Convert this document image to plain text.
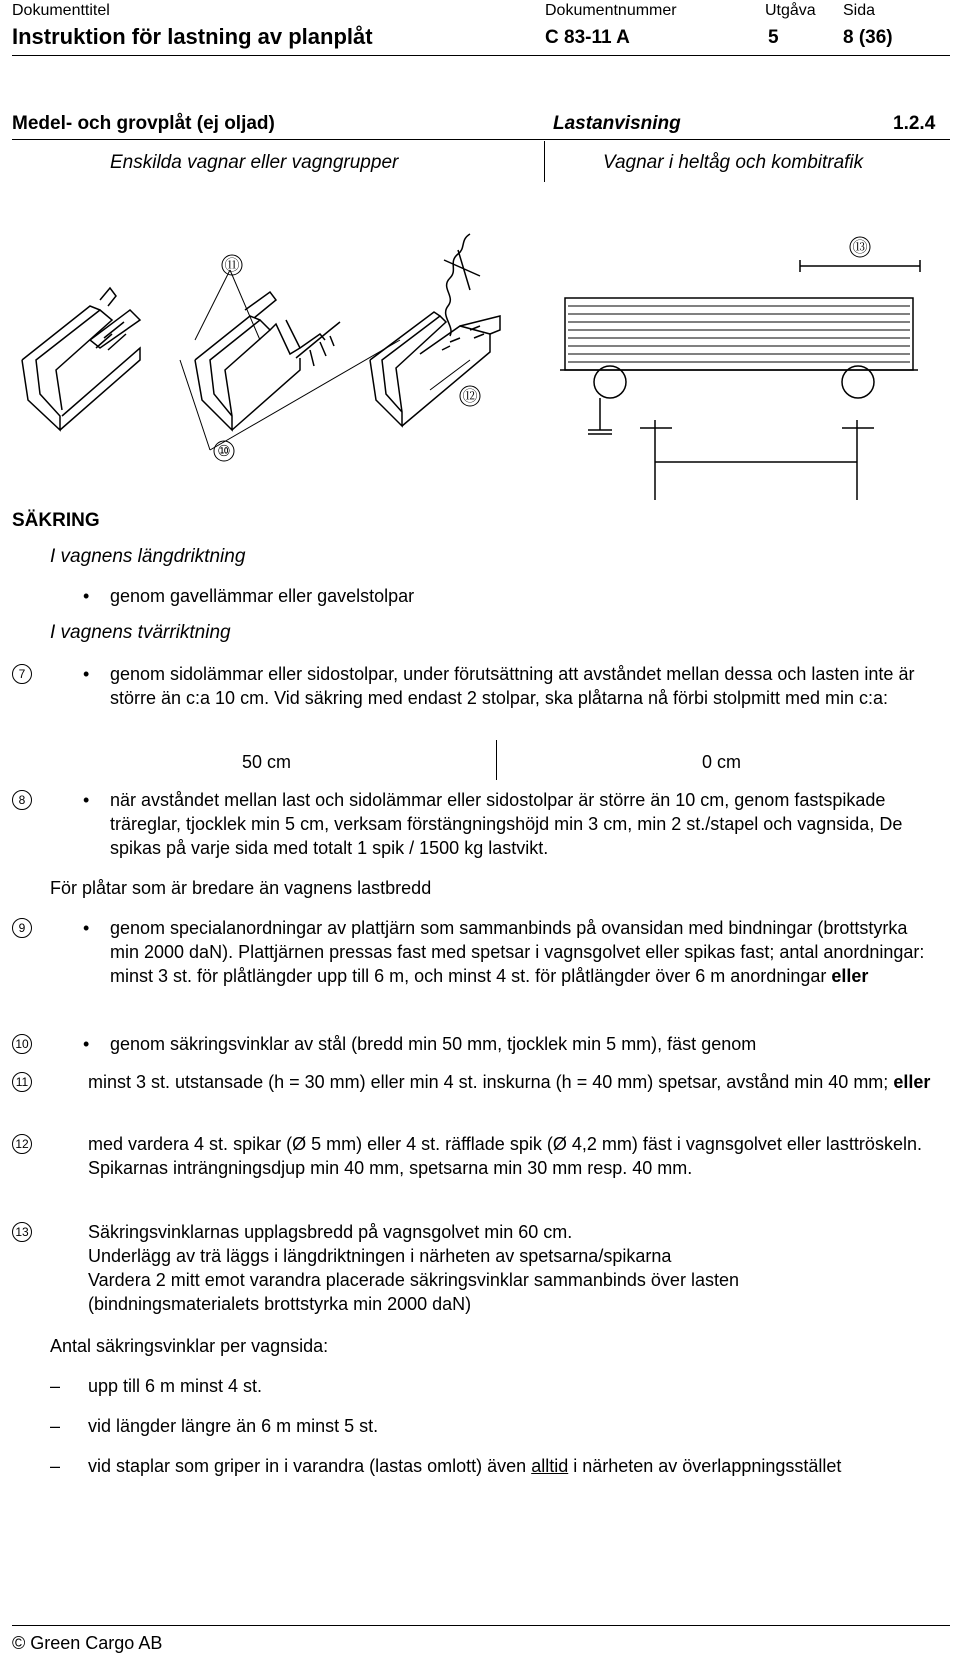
Dokumenttitel	Dokumentnummer	Utgåva Sida
Instruktion för lastning av planplåt	C 83-11 A	5	8 (36)
Medel- och grovplåt (ej oljad)	Lastanvisning	1.2.4
Enskilda vagnar eller vagngrupper	Vagnar i heltåg och kombitrafik
⑪
⑫
⑬
⑩
SÄKRING
I vagnens längdriktning
• genom gavellämmar eller gavelstolpar
I vagnens tvärriktning
7	• genom sidolämmar eller sidostolpar, under förutsättning att avståndet mellan dessa och lasten inte är större än c:a 10 cm. Vid säkring med endast 2 stolpar, ska plåtarna nå förbi stolpmitt med min c:a:
50 cm	0 cm
8	• när avståndet mellan last och sidolämmar eller sidostolpar är större än 10 cm, genom fastspikade träreglar, tjocklek min 5 cm, verksam förstängningshöjd min 3 cm, min 2 st./stapel och vagnsida, De spikas på varje sida med totalt 1 spik / 1500 kg lastvikt.
För plåtar som är bredare än vagnens lastbredd
9	• genom specialanordningar av plattjärn som sammanbinds på ovansidan med bindningar (brottstyrka min 2000 daN). Plattjärnen pressas fast med spetsar i vagnsgolvet eller spikas fast; antal anordningar: minst 3 st. för plåtlängder upp till 6 m, och minst 4 st. för plåtlängder över 6 m anordningar eller
10	• genom säkringsvinklar av stål (bredd min 50 mm, tjocklek min 5 mm), fäst genom
11	minst 3 st. utstansade (h = 30 mm) eller min 4 st. inskurna (h = 40 mm) spetsar, avstånd min 40 mm; eller
12	med vardera 4 st. spikar (Ø 5 mm) eller 4 st. räfflade spik (Ø 4,2 mm) fäst i vagnsgolvet eller lasttröskeln. Spikarnas inträngningsdjup min 40 mm, spetsarna min 30 mm resp. 40 mm.
13	Säkringsvinklarnas upplagsbredd på vagnsgolvet min 60 cm.
Underlägg av trä läggs i längdriktningen i närheten av spetsarna/spikarna
Vardera 2 mitt emot varandra placerade säkringsvinklar sammanbinds över lasten
(bindningsmaterialets brottstyrka min 2000 daN)
Antal säkringsvinklar per vagnsida:
– upp till 6 m minst 4 st.
– vid längder längre än 6 m minst 5 st.
– vid staplar som griper in i varandra (lastas omlott) även alltid i närheten av överlappningsstället
© Green Cargo AB
